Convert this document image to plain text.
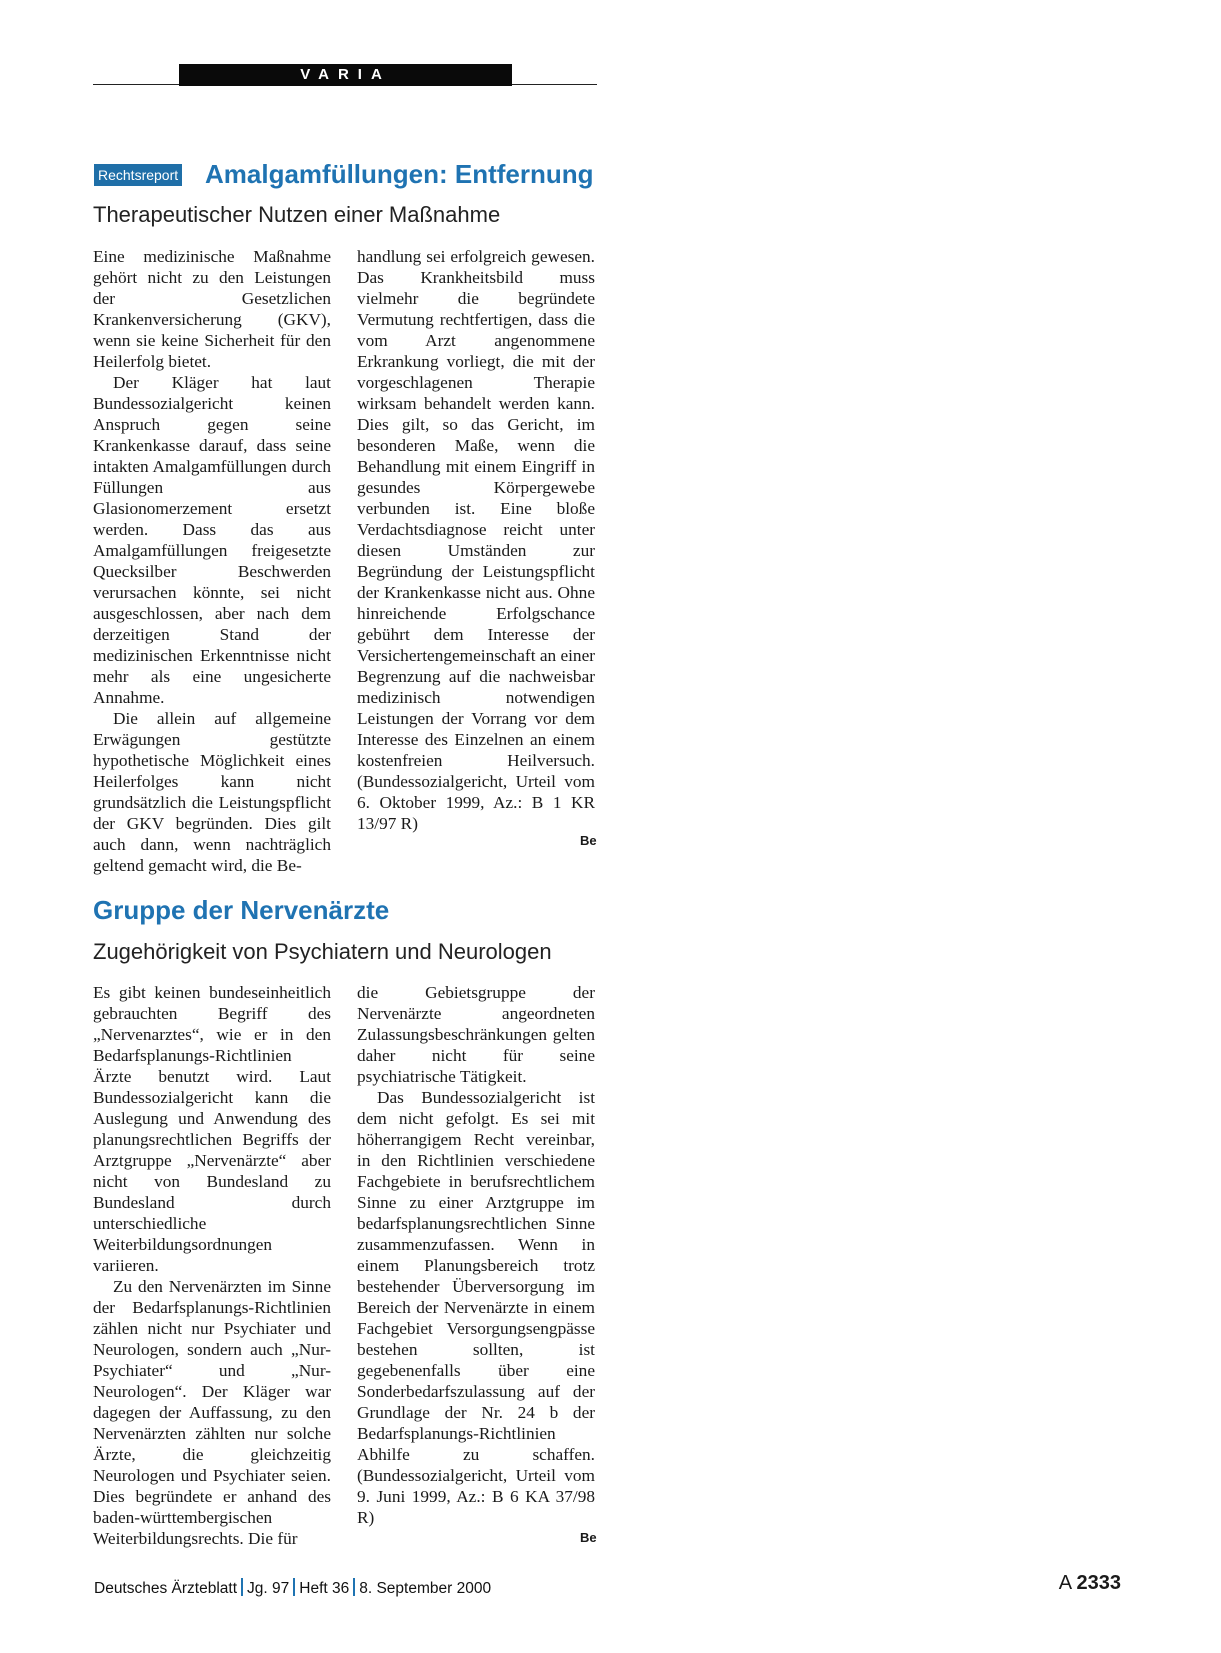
VARIA
Rechtsreport Amalgamfüllungen: Entfernung
Therapeutischer Nutzen einer Maßnahme

Eine medizinische Maßnahme gehört nicht zu den Leistungen der Gesetzlichen Krankenversicherung (GKV), wenn sie keine Sicherheit für den Heilerfolg bietet.

Der Kläger hat laut Bundessozialgericht keinen Anspruch gegen seine Krankenkasse darauf, dass seine intakten Amalgamfüllungen durch Füllungen aus Glasionomerzement ersetzt werden. Dass das aus Amalgamfüllungen freigesetzte Quecksilber Beschwerden verursachen könnte, sei nicht ausgeschlossen, aber nach dem derzeitigen Stand der medizinischen Erkenntnisse nicht mehr als eine ungesicherte Annahme.

Die allein auf allgemeine Erwägungen gestützte hypothetische Möglichkeit eines Heilerfolges kann nicht grundsätzlich die Leistungspflicht der GKV begründen. Dies gilt auch dann, wenn nachträglich geltend gemacht wird, die Be-

handlung sei erfolgreich gewesen. Das Krankheitsbild muss vielmehr die begründete Vermutung rechtfertigen, dass die vom Arzt angenommene Erkrankung vorliegt, die mit der vorgeschlagenen Therapie wirksam behandelt werden kann. Dies gilt, so das Gericht, im besonderen Maße, wenn die Behandlung mit einem Eingriff in gesundes Körpergewebe verbunden ist. Eine bloße Verdachtsdiagnose reicht unter diesen Umständen zur Begründung der Leistungspflicht der Krankenkasse nicht aus. Ohne hinreichende Erfolgschance gebührt dem Interesse der Versichertengemeinschaft an einer Begrenzung auf die nachweisbar medizinisch notwendigen Leistungen der Vorrang vor dem Interesse des Einzelnen an einem kostenfreien Heilversuch. (Bundessozialgericht, Urteil vom 6. Oktober 1999, Az.: B 1 KR 13/97 R)

Be
Gruppe der Nervenärzte
Zugehörigkeit von Psychiatern und Neurologen

Es gibt keinen bundeseinheitlich gebrauchten Begriff des „Nervenarztes“, wie er in den Bedarfsplanungs-Richtlinien Ärzte benutzt wird. Laut Bundessozialgericht kann die Auslegung und Anwendung des planungsrechtlichen Begriffs der Arztgruppe „Nervenärzte“ aber nicht von Bundesland zu Bundesland durch unterschiedliche Weiterbildungsordnungen variieren.

Zu den Nervenärzten im Sinne der Bedarfsplanungs-Richtlinien zählen nicht nur Psychiater und Neurologen, sondern auch „Nur-Psychiater“ und „Nur-Neurologen“. Der Kläger war dagegen der Auffassung, zu den Nervenärzten zählten nur solche Ärzte, die gleichzeitig Neurologen und Psychiater seien. Dies begründete er anhand des baden-württembergischen Weiterbildungsrechts. Die für

die Gebietsgruppe der Nervenärzte angeordneten Zulassungsbeschränkungen gelten daher nicht für seine psychiatrische Tätigkeit.

Das Bundessozialgericht ist dem nicht gefolgt. Es sei mit höherrangigem Recht vereinbar, in den Richtlinien verschiedene Fachgebiete in berufsrechtlichem Sinne zu einer Arztgruppe im bedarfsplanungsrechtlichen Sinne zusammenzufassen. Wenn in einem Planungsbereich trotz bestehender Überversorgung im Bereich der Nervenärzte in einem Fachgebiet Versorgungsengpässe bestehen sollten, ist gegebenenfalls über eine Sonderbedarfszulassung auf der Grundlage der Nr. 24 b der Bedarfsplanungs-Richtlinien Abhilfe zu schaffen. (Bundessozialgericht, Urteil vom 9. Juni 1999, Az.: B 6 KA 37/98 R)

Be
Deutsches Ärzteblatt Jg. 97 Heft 36 8. September 2000	A 2333
